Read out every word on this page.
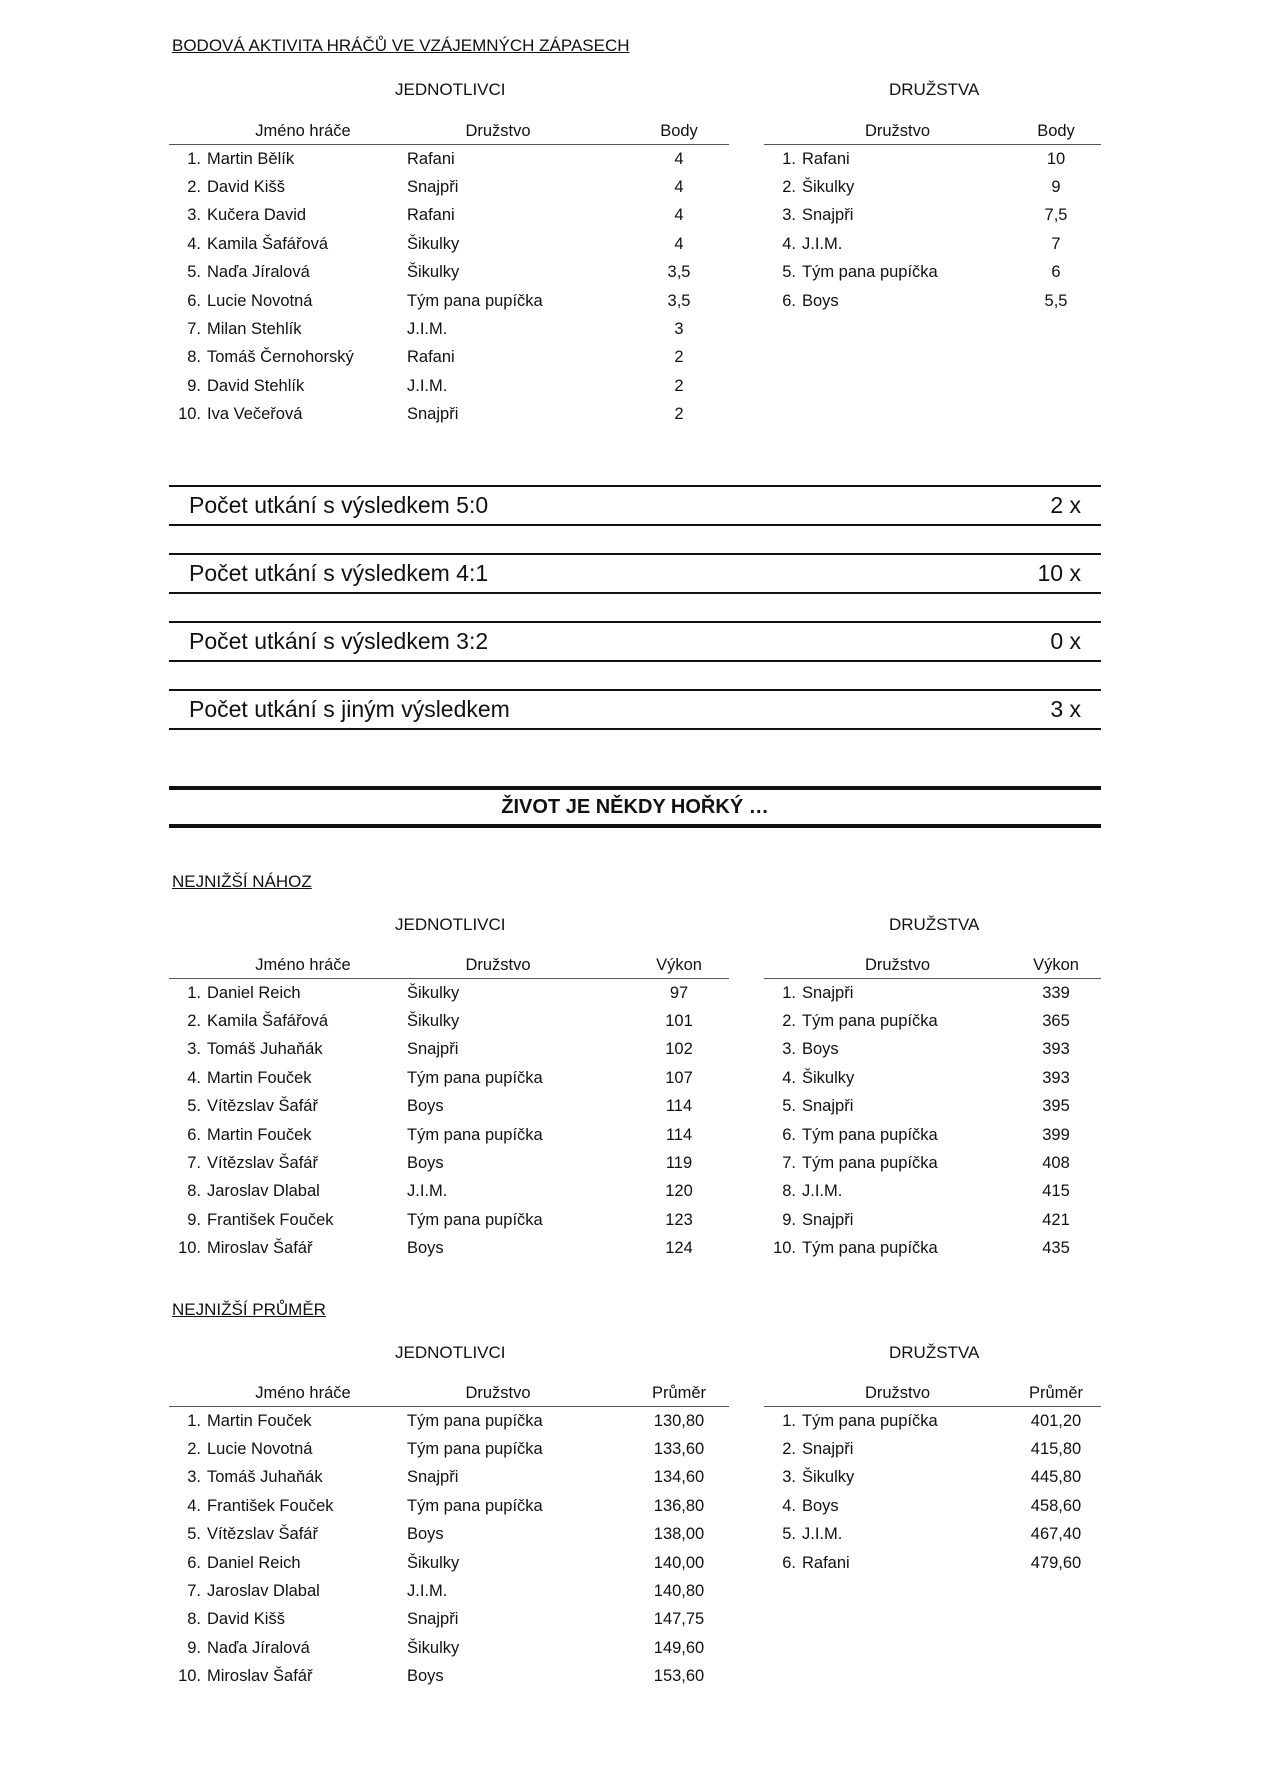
BODOVÁ AKTIVITA HRÁČŮ VE VZÁJEMNÝCH ZÁPASECH
JEDNOTLIVCI	DRUŽSTVA
Jméno hráče		Družstvo	Body
1.	Martin Bělík	Rafani	4
2.	David Kišš	Snajpři	4
3.	Kučera David	Rafani	4
4.	Kamila Šafářová	Šikulky	4
5.	Naďa Jíralová	Šikulky	3,5
6.	Lucie Novotná	Tým pana pupíčka	3,5
7.	Milan Stehlík	J.I.M.	3
8.	Tomáš Černohorský	Rafani	2
9.	David Stehlík	J.I.M.	2
10.	Iva Večeřová	Snajpři	2
Družstvo		Body
1.	Rafani	10
2.	Šikulky	9
3.	Snajpři	7,5
4.	J.I.M.	7
5.	Tým pana pupíčka	6
6.	Boys	5,5
Počet utkání s výsledkem 5:0	2 x
Počet utkání s výsledkem 4:1	10 x
Počet utkání s výsledkem 3:2	0 x
Počet utkání s jiným výsledkem	3 x
ŽIVOT JE NĚKDY HOŘKÝ …
NEJNIŽŠÍ NÁHOZ
JEDNOTLIVCI	DRUŽSTVA
Jméno hráče		Družstvo	Výkon
1.	Daniel Reich	Šikulky	97
2.	Kamila Šafářová	Šikulky	101
3.	Tomáš Juhaňák	Snajpři	102
4.	Martin Fouček	Tým pana pupíčka	107
5.	Vítězslav Šafář	Boys	114
6.	Martin Fouček	Tým pana pupíčka	114
7.	Vítězslav Šafář	Boys	119
8.	Jaroslav Dlabal	J.I.M.	120
9.	František Fouček	Tým pana pupíčka	123
10.	Miroslav Šafář	Boys	124
Družstvo		Výkon
1.	Snajpři	339
2.	Tým pana pupíčka	365
3.	Boys	393
4.	Šikulky	393
5.	Snajpři	395
6.	Tým pana pupíčka	399
7.	Tým pana pupíčka	408
8.	J.I.M.	415
9.	Snajpři	421
10.	Tým pana pupíčka	435
NEJNIŽŠÍ PRŮMĚR
JEDNOTLIVCI	DRUŽSTVA
Jméno hráče		Družstvo	Průměr
1.	Martin Fouček	Tým pana pupíčka	130,80
2.	Lucie Novotná	Tým pana pupíčka	133,60
3.	Tomáš Juhaňák	Snajpři	134,60
4.	František Fouček	Tým pana pupíčka	136,80
5.	Vítězslav Šafář	Boys	138,00
6.	Daniel Reich	Šikulky	140,00
7.	Jaroslav Dlabal	J.I.M.	140,80
8.	David Kišš	Snajpři	147,75
9.	Naďa Jíralová	Šikulky	149,60
10.	Miroslav Šafář	Boys	153,60
Družstvo		Průměr
1.	Tým pana pupíčka	401,20
2.	Snajpři	415,80
3.	Šikulky	445,80
4.	Boys	458,60
5.	J.I.M.	467,40
6.	Rafani	479,60
